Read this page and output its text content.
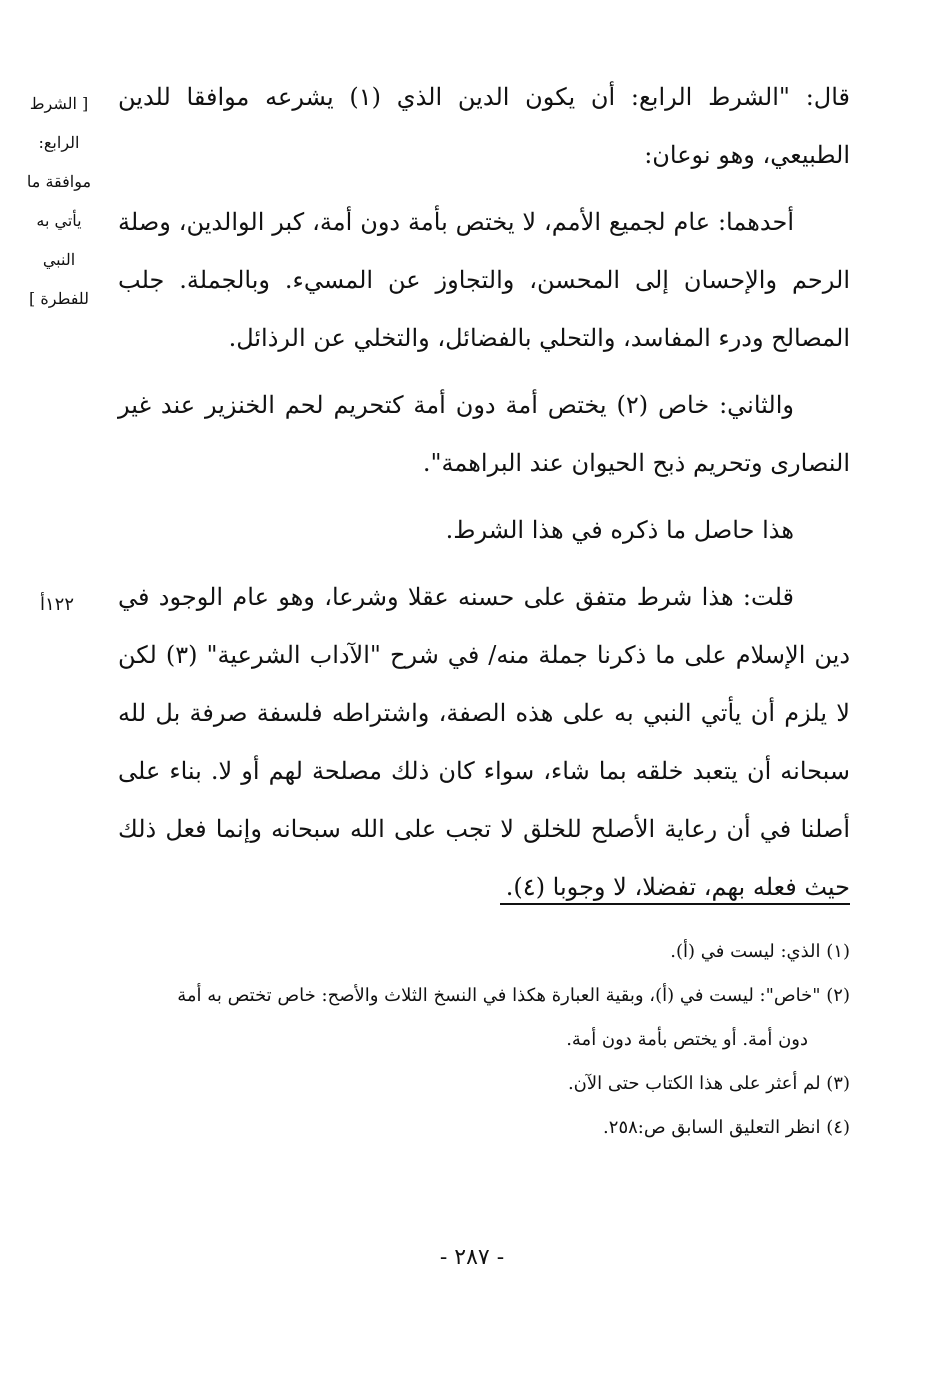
قال: "الشرط الرابع: أن يكون الدين الذي (١) يشرعه موافقا للدين الطبيعي، وهو نوعان:

أحدهما: عام لجميع الأمم، لا يختص بأمة دون أمة، كبر الوالدين، وصلة الرحم والإحسان إلى المحسن، والتجاوز عن المسيء. وبالجملة. جلب المصالح ودرء المفاسد، والتحلي بالفضائل، والتخلي عن الرذائل.

والثاني: خاص (٢) يختص أمة دون أمة كتحريم لحم الخنزير عند غير النصارى وتحريم ذبح الحيوان عند البراهمة".

هذا حاصل ما ذكره في هذا الشرط.

قلت: هذا شرط متفق على حسنه عقلا وشرعا، وهو عام الوجود في دين الإسلام على ما ذكرنا جملة منه/ في شرح "الآداب الشرعية" (٣) لكن لا يلزم أن يأتي النبي به على هذه الصفة، واشتراطه فلسفة صرفة بل لله سبحانه أن يتعبد خلقه بما شاء، سواء كان ذلك مصلحة لهم أو لا. بناء على أصلنا في أن رعاية الأصلح للخلق لا تجب على الله سبحانه وإنما فعل ذلك حيث فعله بهم، تفضلا، لا وجوبا (٤).

[ الشرط الرابع: موافقة ما يأتي به النبي للفطرة ]
١٢٢أ
(١) الذي: ليست في (أ).
(٢) "خاص": ليست في (أ)، وبقية العبارة هكذا في النسخ الثلاث والأصح: خاص تختص به أمة
دون أمة. أو يختص بأمة دون أمة.
(٣) لم أعثر على هذا الكتاب حتى الآن.
(٤) انظر التعليق السابق ص:٢٥٨.
- ٢٨٧ -
